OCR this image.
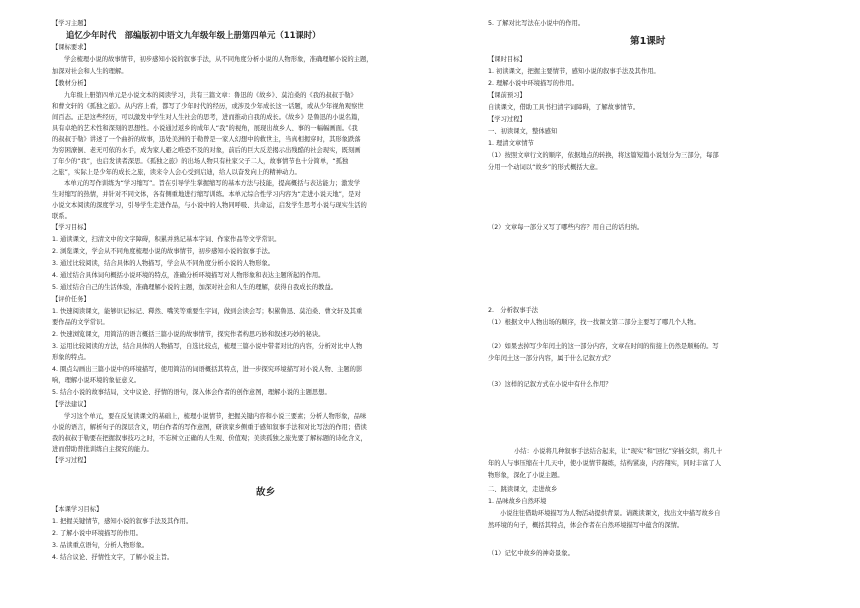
【学习主题】
追忆少年时代　部编版初中语文九年级年级上册第四单元（11课时）
【课标要求】
学会梳理小说的故事情节，初步感知小说的叙事手法，从不同角度分析小说的人物形象，准确理解小说的主题，
加深对社会和人生的理解。
【教材分析】
九年级上册第四单元是小说文本的阅读学习，共有三篇文章：鲁迅的《故乡》、莫泊桑的《我的叔叔于勒》
和曹文轩的《孤独之旅》。从内容上看，都写了少年时代的经历，或涉及少年成长这一话题，或从少年视角观察世
间百态。正是这些经历，可以激发中学生对人生社会的思考，进而推动自我的成长。《故乡》是鲁迅的小说名篇，
具有卓绝的艺术性和深刻的思想性。小说通过返乡的成年人“我”的视角，展现出故乡人、事的一幅幅画面。《我
的叔叔于勒》讲述了一个曲折的故事，迅处美洲的于勒曾是一家人幻想中的救世主，当真相揭穿时，其形象跌落
为穷困潦倒、老无可依的水手，成为家人避之唯恐不及的对象，前后的巨大反差揭示出残酷的社会现实，既刻画
了年少的“我”，也启发读者深思。《孤独之旅》的出场人物只有杜家父子二人，故事情节也十分简单，“孤独
之旅”，实际上是少年的成长之旅，读来令人会心受到启迪，给人以奋发向上的精神动力。
本单元的写作训练为“学习缩写”。旨在引导学生掌握缩写的基本方法与技能，提高概括与表达能力；激发学
生对缩写的热情，并针对不同文体，各有侧重地进行缩写训练。本单元综合性学习内容为“走进小说天地”，是对
小说文本阅读的深度学习，引导学生走进作品，与小说中的人物同呼吸、共命运，启发学生思考小说与现实生活的
联系。
【学习目标】
1. 通读课文，扫清文中的文字障碍，积累并熟记基本字词、作家作品等文学常识。
2. 浏览课文，学会从不同角度梳理小说的故事情节，初步感知小说的叙事手法。
3. 通过比较阅读，结合具体的人物描写，学会从不同角度分析小说的人物形象。
4. 通过结合具体词句概括小说环境的特点，准确分析环境描写对人物形象和表达主题所起的作用。
5. 通过结合自己的生活体验，准确理解小说的主题，加深对社会和人生的理解，获得自我成长的教益。
【评价任务】
1. 快速阅读课文，能够识记标记、釋然、嘴笑等重要生字词，做到会读会写；积累鲁迅、莫泊桑、曹文轩及其重
要作品的文学常识。
2. 快速浏览课文，用简洁的语言概括三篇小说的故事情节，探究作者构思巧妙和叙述巧妙的秘诀。
3. 运用比较阅读的方法，结合具体的人物描写，自选比较点，梳理三篇小说中带者对比的内容，分析对比中人物
形象的特点。
4. 圈点勾画出三篇小说中的环境描写，使用简洁的词语概括其特点，进一步探究环境描写对小说人物、主题的影
响，理解小说环境的象征意义。
5. 结合小说的故事结局，文中议论、抒情的语句，深入体会作者的创作意图，理解小说的主题思想。
【学法建议】
学习这个单元，要在反复读课文的基础上，梳理小说情节，把握关键内容和小说三要素；分析人物形象，品味
小说的语言，解析句子的深层含义，明白作者的写作意图，研读家乡侧重于感知叙事手法和对比写法的作用；借读
我的叔叔于勒要在把握叙事技巧之时，不忘树立正确的人生观、价值观；美读孤独之旅先要了解标题的诗化含义，
进而借助普批训练自主探究的能力。
【学习过程】
故乡
【本课学习目标】
1. 把握关键情节，感知小说的叙事手法及其作用。
2. 了解小说中环境描写的作用。
3. 品读重点语句，分析人物形象。
4. 结合议论、抒情性文字，了解小说主旨。
5. 了解对比写法在小说中的作用。
第1课时
【课时目标】
1. 初读课文，把握主要情节，感知小说的叙事手法及其作用。
2. 理解小说中环境描写的作用。
【课前预习】
自读课文，借助工具书扫清字词障碍，了解故事情节。
【学习过程】
一、初读课文，整体感知
1. 理清文章情节
（1）按照文章行文的顺序，依据地点的转换，将这篇短篇小说划分为三部分，每部
分用一个动词以“故乡”的形式概括大意。
（2）文章每一部分又写了哪些内容？用自己的话归纳。
2.　分析叙事手法
（1）根据文中人物出场的顺序，找一找课文第二部分主要写了哪几个人物。
（2）如果去掉写少年闰土的这一部分内容，文章在时间的衔接上仍然是顺畅的。写
少年闰土这一部分内容，属于什么记叙方式？
（3）这样的记叙方式在小说中有什么作用？
小结：小说将几种叙事手法结合起来，让“现实”和“回忆”穿插交织，将几十
年的人与事压缩在十几天中，使小说情节凝练，结构紧凑，内容翔实，同时丰富了人
物形象，深化了小说主题。
二、跳读课文，走进故乡
1. 品味故乡自然环境
小说往往借助环境描写为人物活动提供背景。请跳读课文，找出文中描写故乡自
然环境的句子，概括其特点，体会作者在自然环境描写中蕴含的深情。
（1）记忆中故乡的神奇景象。
